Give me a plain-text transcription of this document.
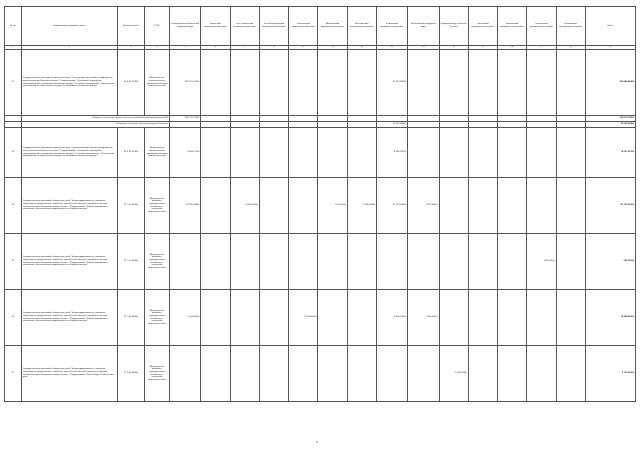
№ п/п	Наименование целевой статьи	Целевая статья	ГРБС	Петропавловск-Камчатский городской округ	Алеутский муниципальный округ	Усть-Камчатский муниципальный округ	Усть-Большерецкий муниципальный район	Соболевский муниципальный район	Мильковский муниципальный район	Быстринский муниципальный район	Елизовский муниципальный район	Вилючинский городской округ	Городской округ «поселок Палана»	Тигильский муниципальный район	Карагинский муниципальный район	Олюторский муниципальный район	Пенжинский муниципальный район	Всего
1	2	3	4	5	6	7	8	9	10	11	12	13	14	15	16	17	18	19
22	Государственная программа Камчатского края "Обеспечение доступным и комфортным жильем жителей Камчатского края" / Подпрограмма "Устойчивое сокращение непригодного для проживания жилищного фонда" / Основное мероприятие "Обеспечение мероприятий по переселению граждан из аварийного жилищного фонда"	05 6 F3 67483	Министерство строительства и жилищной политики Камчатского края	318 122,37900							22 502,95800							322 984,49400
	Указанные в составе средств фонда содействия реформированию ЖКХ			318 122,37900														318 812,33800
	Указанные в составе средств краевого бюджета										22 502,95800							22 502,95800
23	Государственная программа Камчатского края "Обеспечение доступным и комфортным жильем жителей Камчатского края" / Подпрограмма "Устойчивое сокращение непригодного для проживания жилищного фонда" / Основное мероприятие "Обеспечение мероприятий по переселению граждан из аварийного жилищного фонда"	05 6 F3 67484	Министерство строительства и жилищной политики Камчатского края	5 993,22700							8 034,31670							14 027,47220
24	Государственная программа Камчатского края "Энергоэффективность, развитие энергетики и коммунального хозяйства, обеспечение жителей населенных пунктов Камчатского края коммунальными услугами" / Подпрограмма "Энергосбережение и повышение энергетической эффективности в Камчатском крае"	11 1 04 40080	Министерство жилищно-коммунального хозяйства и энергетики Камчатского края	18 635,30900		6 891,00000			105,35000	2 514,00000	12 720,00000	7 003,39000						82 705,39000
25	Государственная программа Камчатского края "Энергоэффективность, развитие энергетики и коммунального хозяйства, обеспечение жителей населенных пунктов Камчатского края коммунальными услугами" / Подпрограмма "Энергосбережение и повышение энергетической эффективности в Камчатском крае"	11 1 01 40080	Министерство жилищно-коммунального хозяйства и энергетики Камчатского края													595,15000		595,15000
26	Государственная программа Камчатского края "Энергоэффективность, развитие энергетики и коммунального хозяйства, обеспечение жителей населенных пунктов Камчатского края коммунальными услугами" / Подпрограмма "Энергосбережение и повышение энергетической эффективности в Камчатском крае"	11 1 08 40080	Министерство жилищно-коммунального хозяйства и энергетики Камчатского края	1 764,00000				2 700,00000			8 004,20000	490,00000						14 468,20000
27	Государственная программа Камчатского края "Энергоэффективность, развитие энергетики и коммунального хозяйства, обеспечение жителей населенных пунктов Камчатского края коммунальными услугами" / Подпрограмма "Чистая вода в Камчатском крае"	11 2 08 40080	Министерство жилищно-коммунального хозяйства и энергетики Камчатского края										2 750,00000					2 750,00000
4
